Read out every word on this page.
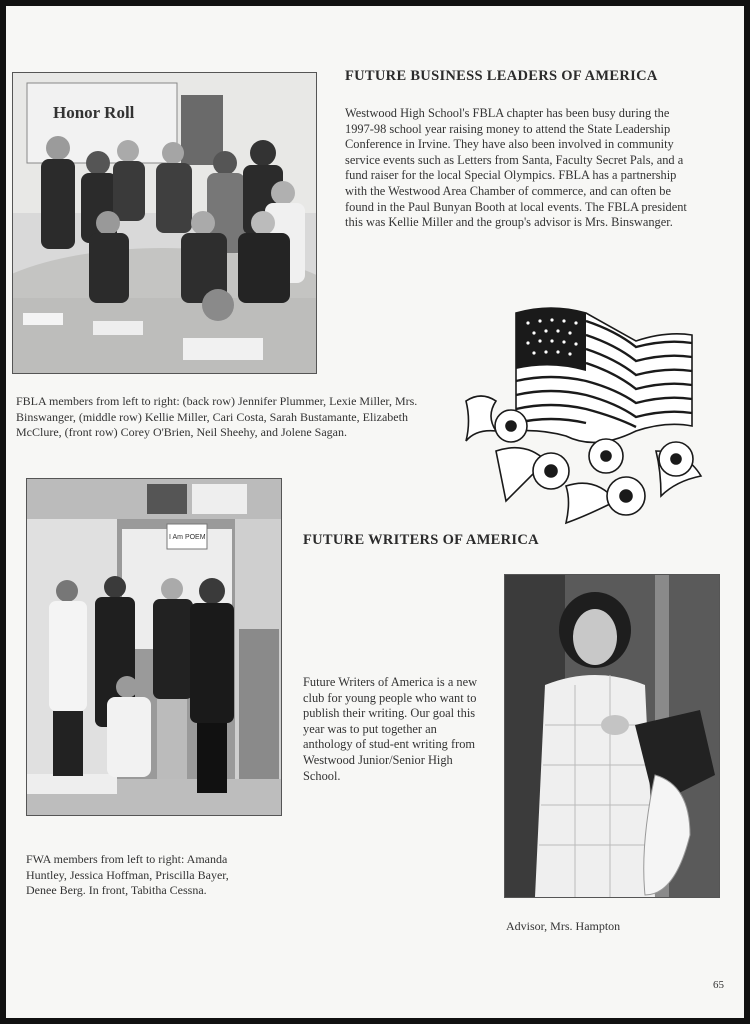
Honor Roll
FUTURE BUSINESS LEADERS OF AMERICA

Westwood High School's FBLA chapter has been busy during the 1997-98 school year raising money to attend the State Leadership Conference in Irvine. They have also been involved in community service events such as Letters from Santa, Faculty Secret Pals, and a fund raiser for the local Special Olympics. FBLA has a partnership with the Westwood Area Chamber of commerce, and can often be found in the Paul Bunyan Booth at local events. The FBLA president this was Kellie Miller and the group's advisor is Mrs. Binswanger.

FBLA members from left to right: (back row) Jennifer Plummer, Lexie Miller, Mrs. Binswanger, (middle row) Kellie Miller, Cari Costa, Sarah Bustamante, Elizabeth McClure, (front row) Corey O'Brien, Neil Sheehy, and Jolene Sagan.

I Am POEM	FUTURE WRITERS OF AMERICA

Future Writers of America is a new club for young people who want to publish their writing. Our goal this year was to put together an anthology of stud-ent writing from Westwood Junior/Senior High School.

FWA members from left to right: Amanda Huntley, Jessica Hoffman, Priscilla Bayer, Denee Berg. In front, Tabitha Cessna.

Advisor, Mrs. Hampton

65
